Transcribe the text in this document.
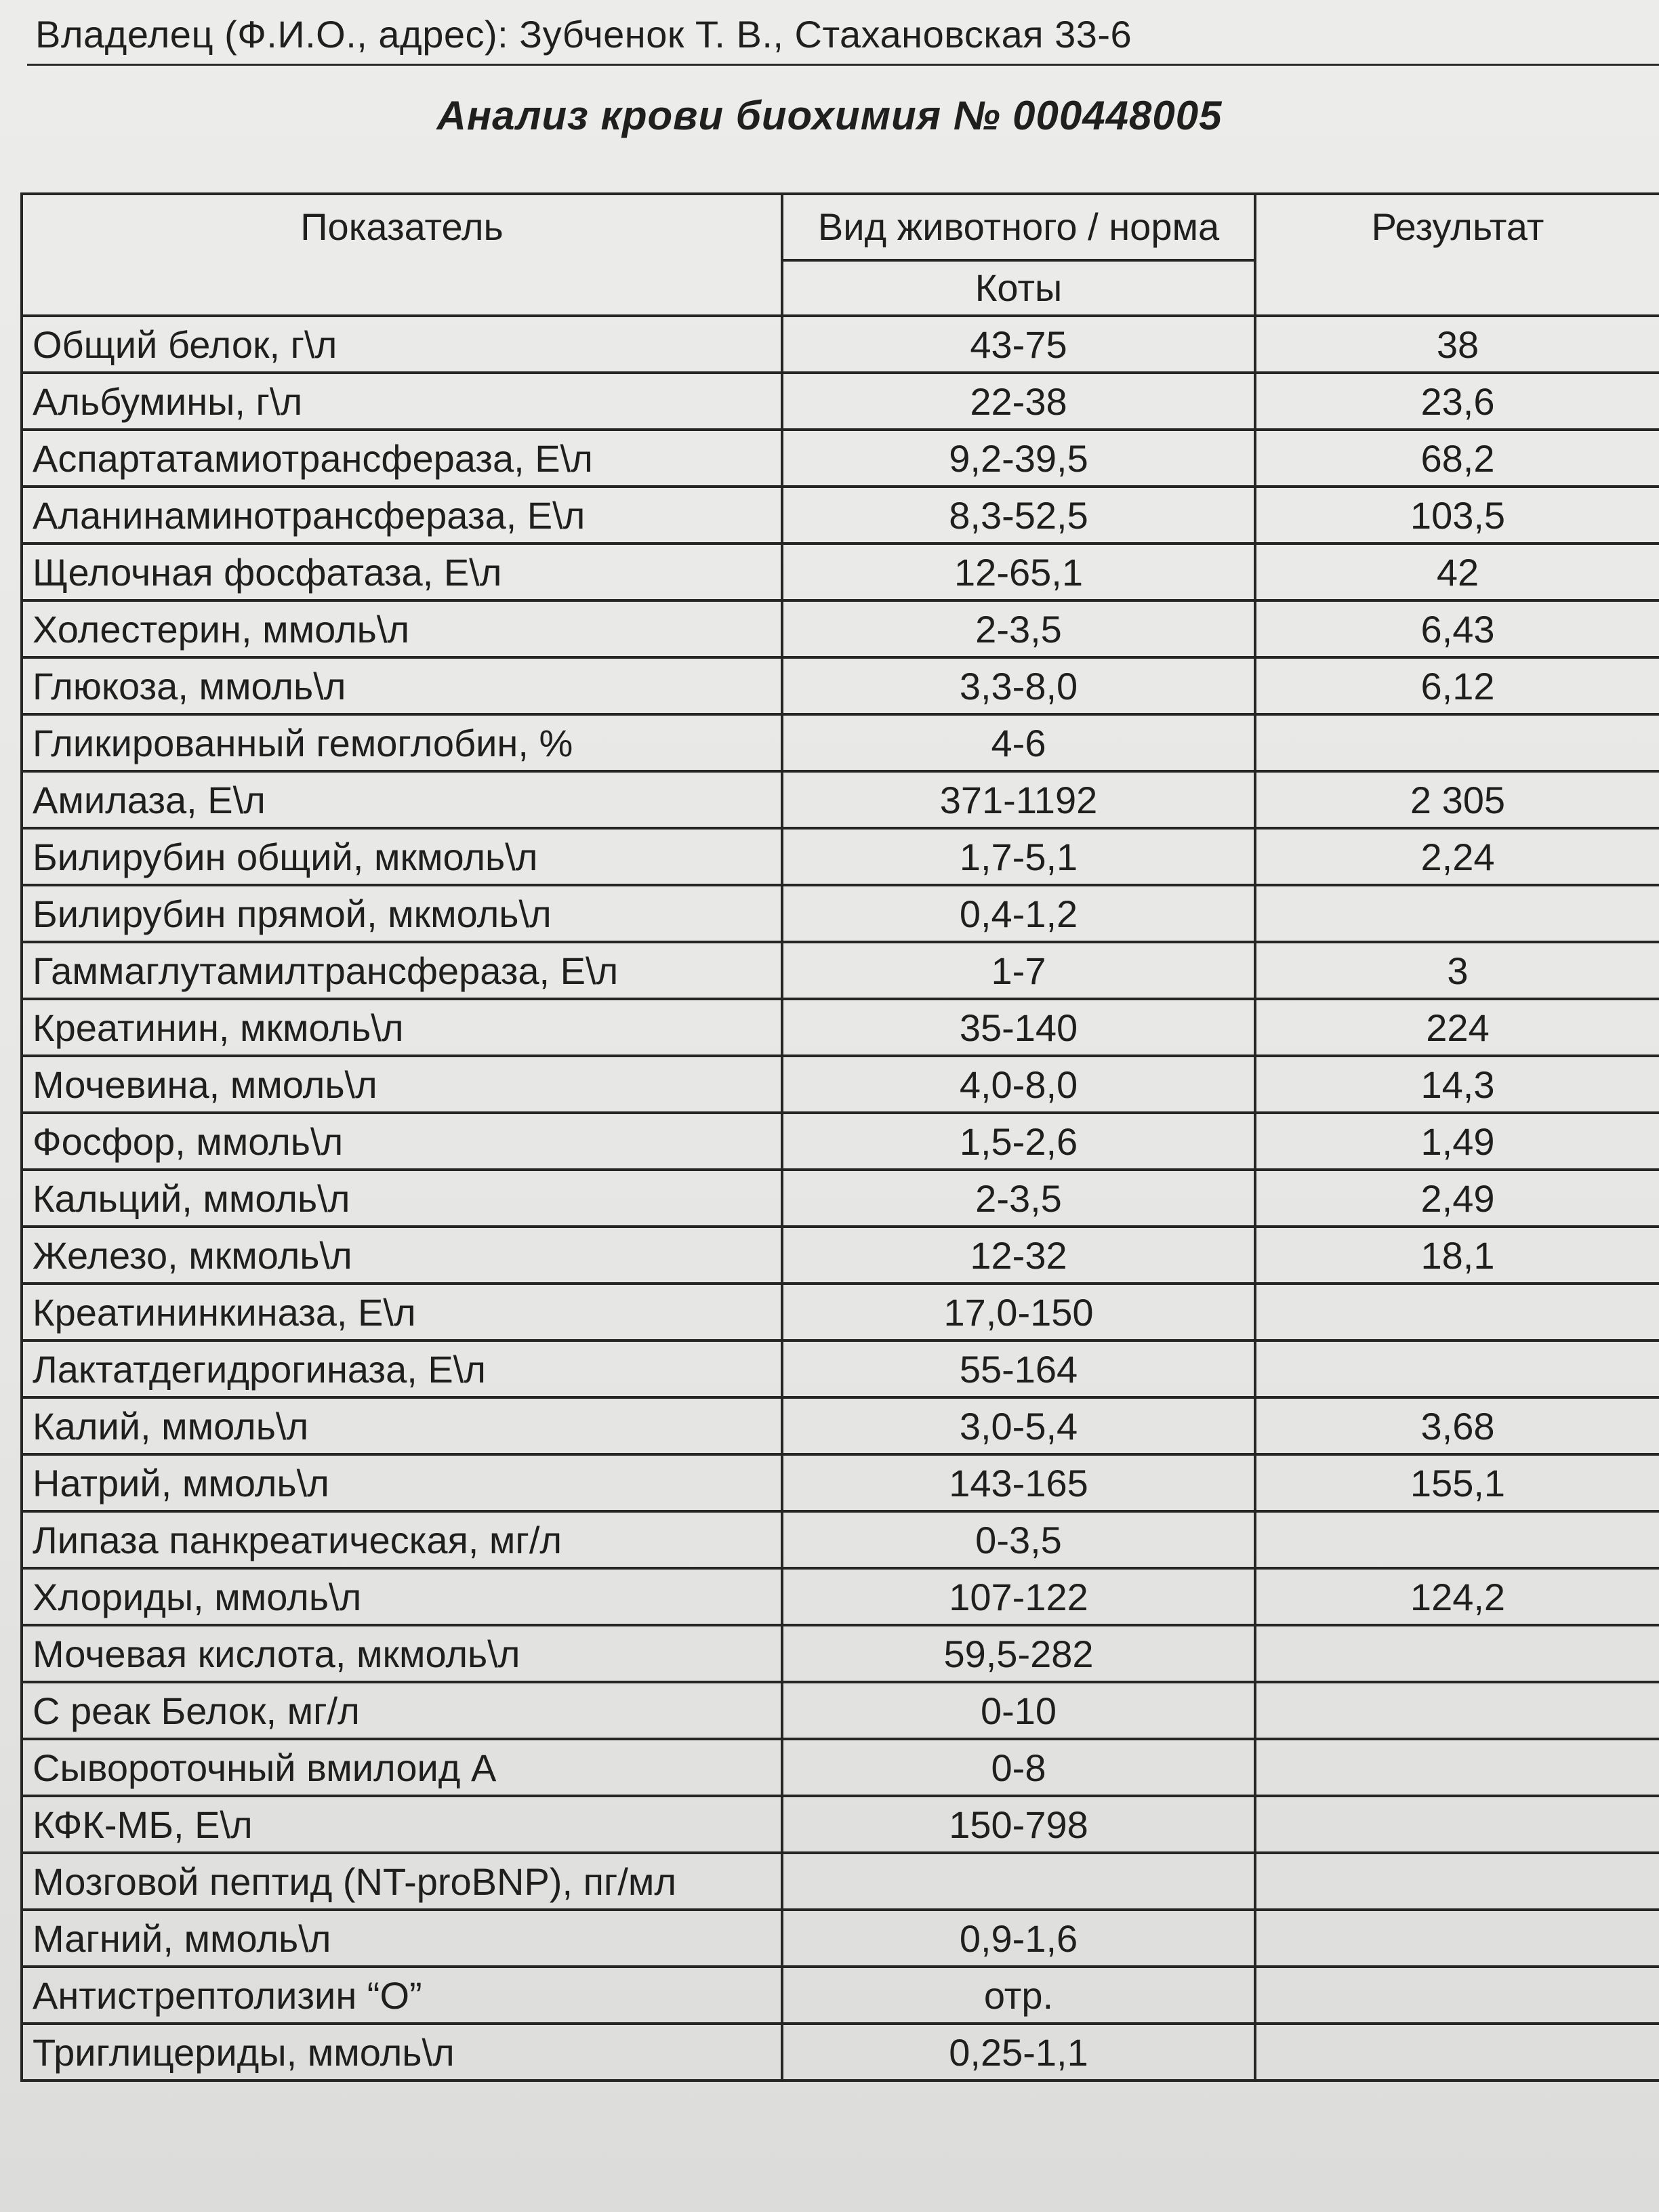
Владелец (Ф.И.О., адрес): Зубченок Т. В., Стахановская 33-6
Анализ крови биохимия № 000448005
Показатель	Вид животного / норма	Результат
	Коты	
Общий белок, г\л	43-75	38
Альбумины, г\л	22-38	23,6
Аспартатамиотрансфераза, Е\л	9,2-39,5	68,2
Аланинаминотрансфераза, Е\л	8,3-52,5	103,5
Щелочная фосфатаза, Е\л	12-65,1	42
Холестерин, ммоль\л	2-3,5	6,43
Глюкоза, ммоль\л	3,3-8,0	6,12
Гликированный гемоглобин, %	4-6	
Амилаза, Е\л	371-1192	2 305
Билирубин общий, мкмоль\л	1,7-5,1	2,24
Билирубин прямой, мкмоль\л	0,4-1,2	
Гаммаглутамилтрансфераза, Е\л	1-7	3
Креатинин, мкмоль\л	35-140	224
Мочевина, ммоль\л	4,0-8,0	14,3
Фосфор, ммоль\л	1,5-2,6	1,49
Кальций, ммоль\л	2-3,5	2,49
Железо, мкмоль\л	12-32	18,1
Креатининкиназа, Е\л	17,0-150	
Лактатдегидрогиназа, Е\л	55-164	
Калий, ммоль\л	3,0-5,4	3,68
Натрий, ммоль\л	143-165	155,1
Липаза панкреатическая, мг/л	0-3,5	
Хлориды, ммоль\л	107-122	124,2
Мочевая кислота, мкмоль\л	59,5-282	
С реак Белок, мг/л	0-10	
Сывороточный вмилоид А	0-8	
КФК-МБ, Е\л	150-798	
Мозговой пептид (NT-proBNP), пг/мл		
Магний, ммоль\л	0,9-1,6	
Антистрептолизин “О”	отр.	
Триглицериды, ммоль\л	0,25-1,1	
